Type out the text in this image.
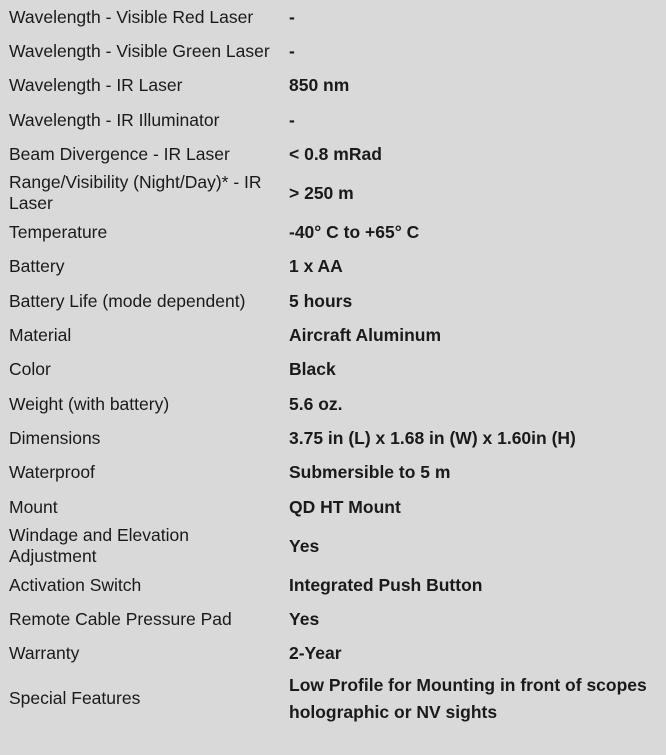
Wavelength - Visible Red Laser	-
Wavelength - Visible Green Laser	-
Wavelength - IR Laser	850 nm
Wavelength - IR Illuminator	-
Beam Divergence - IR Laser	< 0.8 mRad
Range/Visibility (Night/Day)* - IR Laser	> 250 m
Temperature	-40° C to +65° C
Battery	1 x AA
Battery Life (mode dependent)	5 hours
Material	Aircraft Aluminum
Color	Black
Weight (with battery)	5.6 oz.
Dimensions	3.75 in (L) x 1.68 in (W) x 1.60in (H)
Waterproof	Submersible to 5 m
Mount	QD HT Mount
Windage and Elevation Adjustment	Yes
Activation Switch	Integrated Push Button
Remote Cable Pressure Pad	Yes
Warranty	2-Year
Special Features	Low Profile for Mounting in front of scopes holographic or NV sights
